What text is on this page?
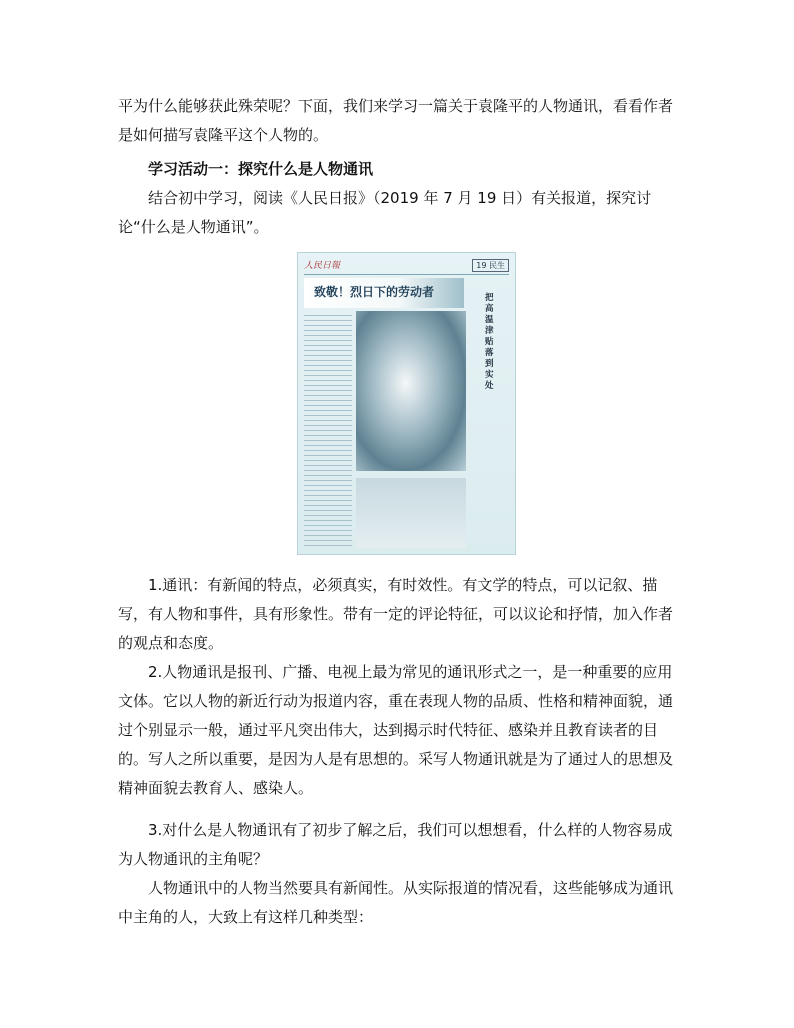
平为什么能够获此殊荣呢？下面，我们来学习一篇关于袁隆平的人物通讯，看看作者是如何描写袁隆平这个人物的。

学习活动一：探究什么是人物通讯

结合初中学习，阅读《人民日报》（2019 年 7 月 19 日）有关报道，探究讨论“什么是人物通讯”。

人民日報	19 民生
致敬！烈日下的劳动者	把高温津贴落到实处

1.通讯：有新闻的特点，必须真实，有时效性。有文学的特点，可以记叙、描写，有人物和事件，具有形象性。带有一定的评论特征，可以议论和抒情，加入作者的观点和态度。

2.人物通讯是报刊、广播、电视上最为常见的通讯形式之一，是一种重要的应用文体。它以人物的新近行动为报道内容，重在表现人物的品质、性格和精神面貌，通过个别显示一般，通过平凡突出伟大，达到揭示时代特征、感染并且教育读者的目的。写人之所以重要，是因为人是有思想的。采写人物通讯就是为了通过人的思想及精神面貌去教育人、感染人。

3.对什么是人物通讯有了初步了解之后，我们可以想想看，什么样的人物容易成为人物通讯的主角呢？

人物通讯中的人物当然要具有新闻性。从实际报道的情况看，这些能够成为通讯中主角的人，大致上有这样几种类型：
